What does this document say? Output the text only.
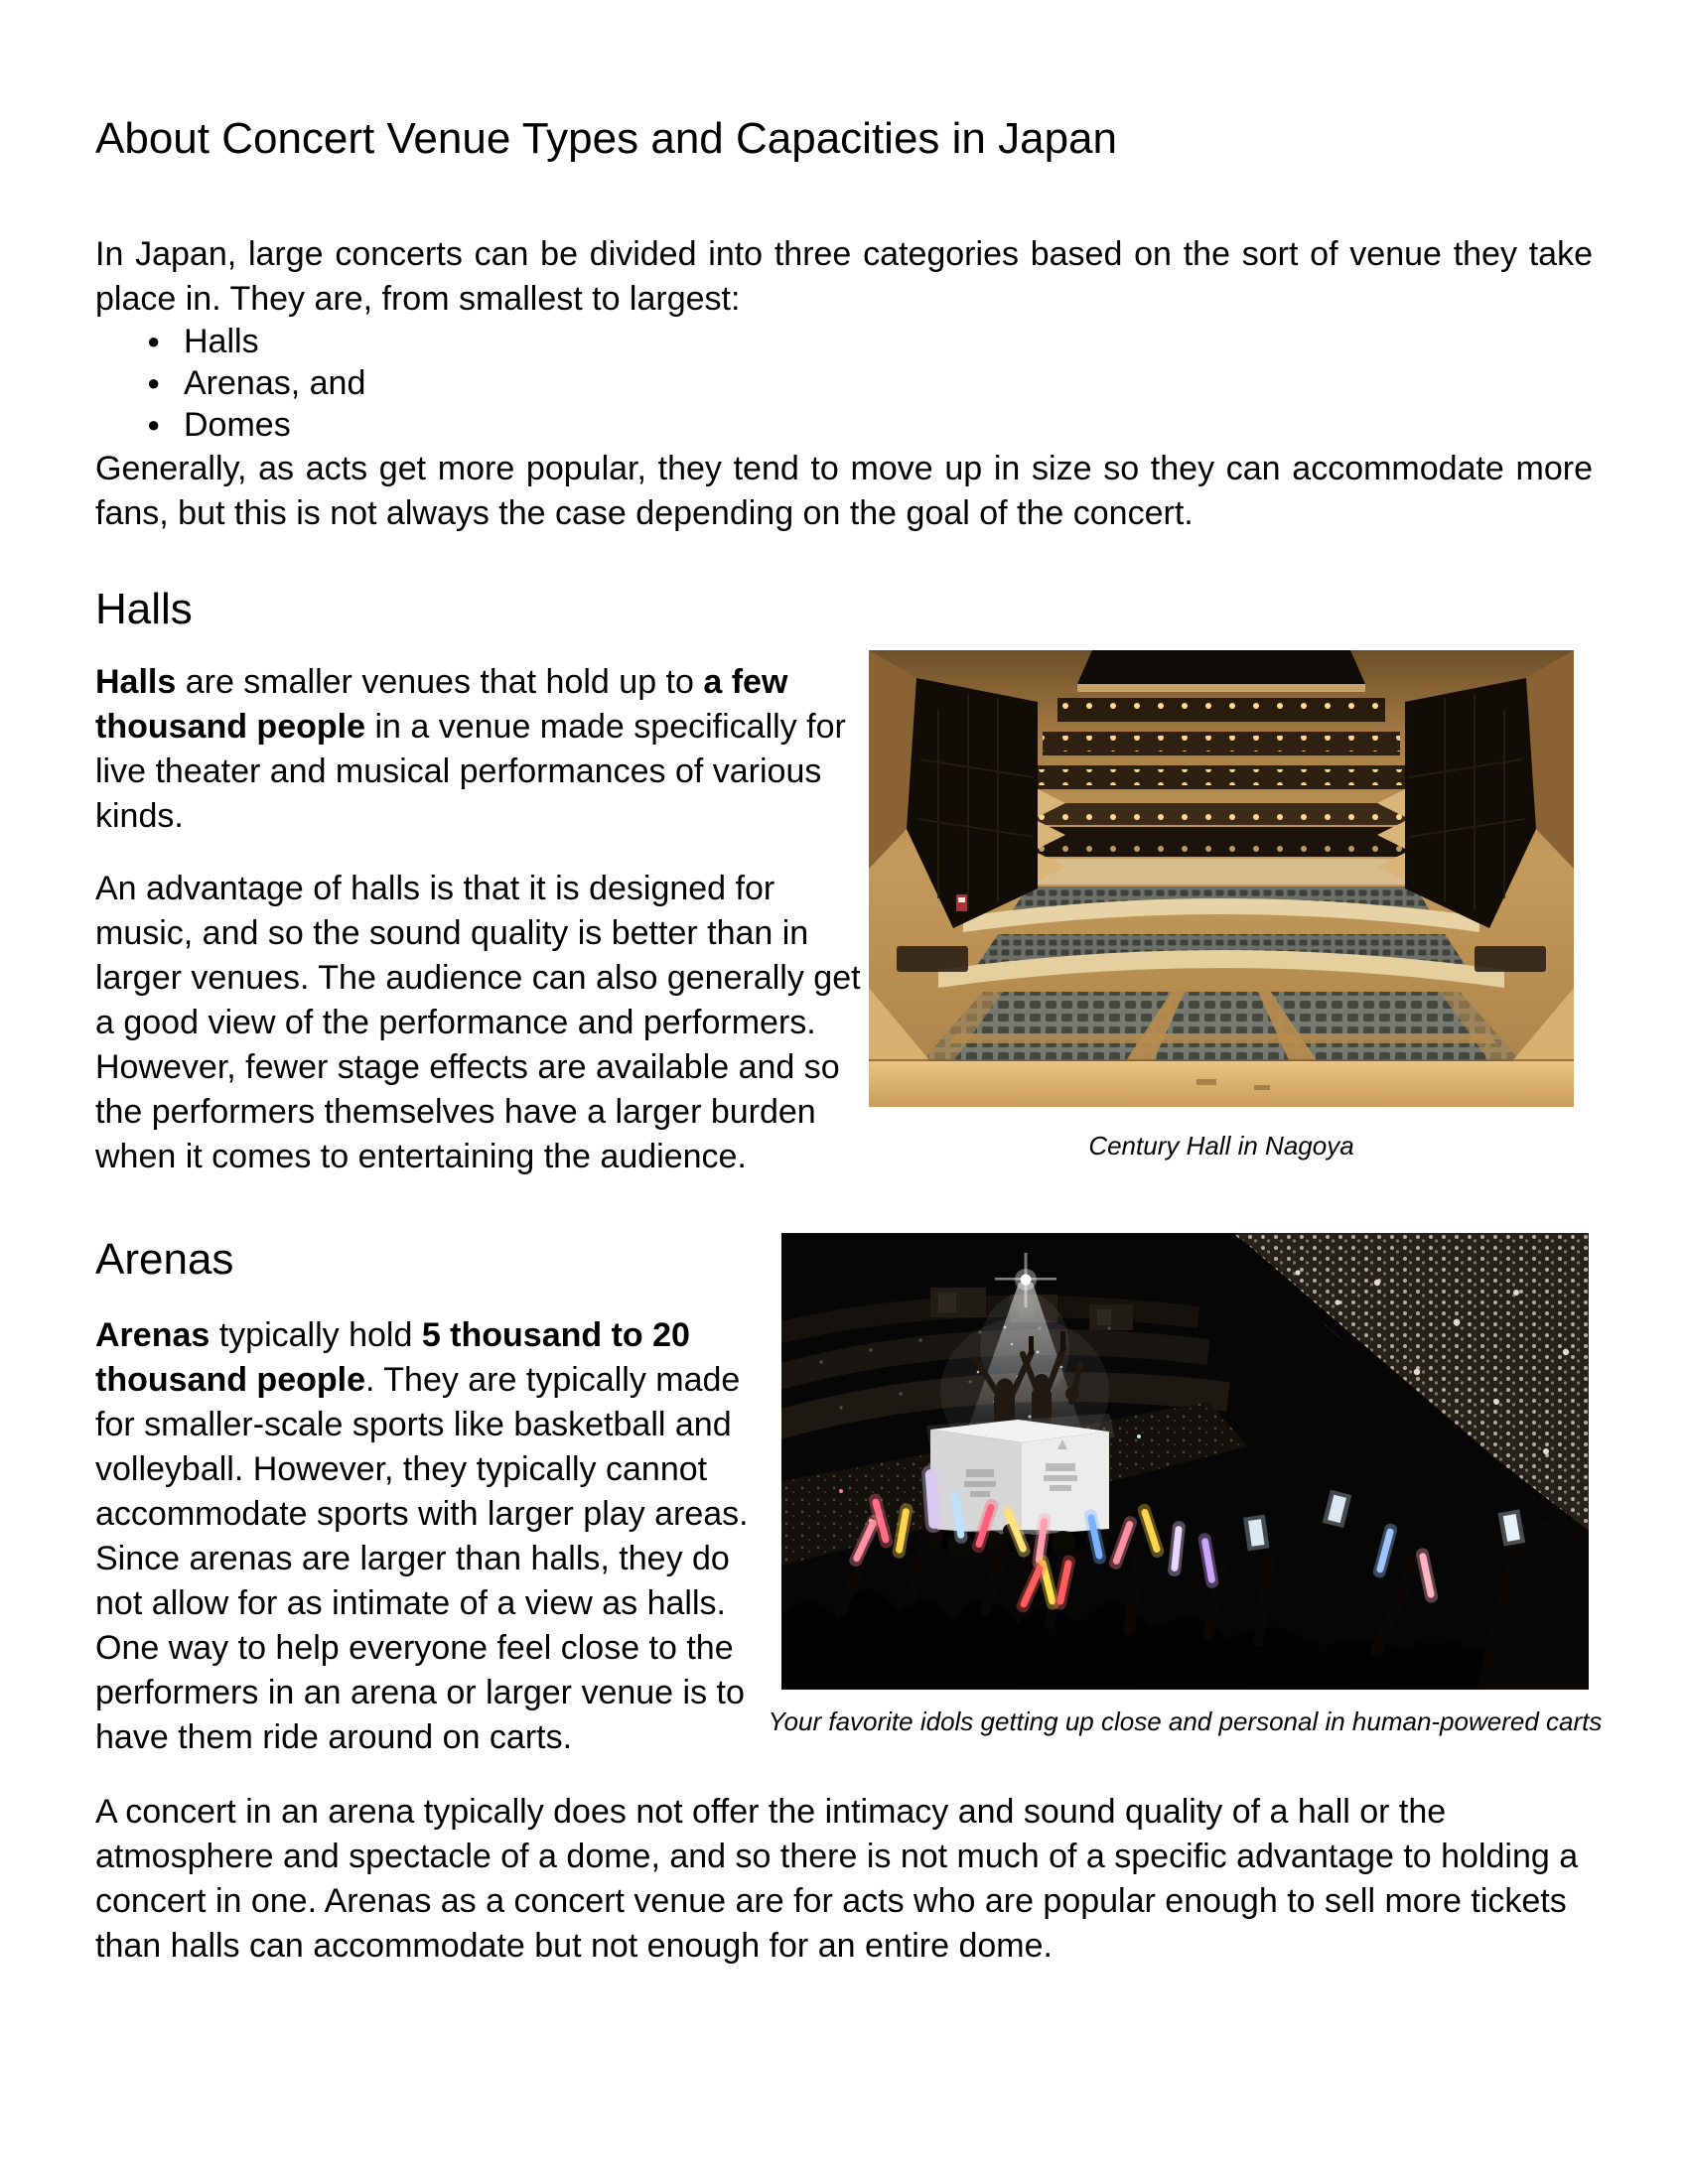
About Concert Venue Types and Capacities in Japan

In Japan, large concerts can be divided into three categories based on the sort of venue they take place in. They are, from smallest to largest:

● Halls
● Arenas, and
● Domes

Generally, as acts get more popular, they tend to move up in size so they can accommodate more fans, but this is not always the case depending on the goal of the concert.

Halls

Halls are smaller venues that hold up to a few
thousand people in a venue made specifically for
live theater and musical performances of various
kinds.

An advantage of halls is that it is designed for
music, and so the sound quality is better than in
larger venues. The audience can also generally get
a good view of the performance and performers.
However, fewer stage effects are available and so
the performers themselves have a larger burden
when it comes to entertaining the audience.	Century Hall in Nagoya
Arenas

Arenas typically hold 5 thousand to 20
thousand people. They are typically made
for smaller-scale sports like basketball and
volleyball. However, they typically cannot
accommodate sports with larger play areas.
Since arenas are larger than halls, they do
not allow for as intimate of a view as halls.
One way to help everyone feel close to the
performers in an arena or larger venue is to
have them ride around on carts.	Your favorite idols getting up close and personal in human-powered carts

A concert in an arena typically does not offer the intimacy and sound quality of a hall or the
atmosphere and spectacle of a dome, and so there is not much of a specific advantage to holding a
concert in one. Arenas as a concert venue are for acts who are popular enough to sell more tickets
than halls can accommodate but not enough for an entire dome.
